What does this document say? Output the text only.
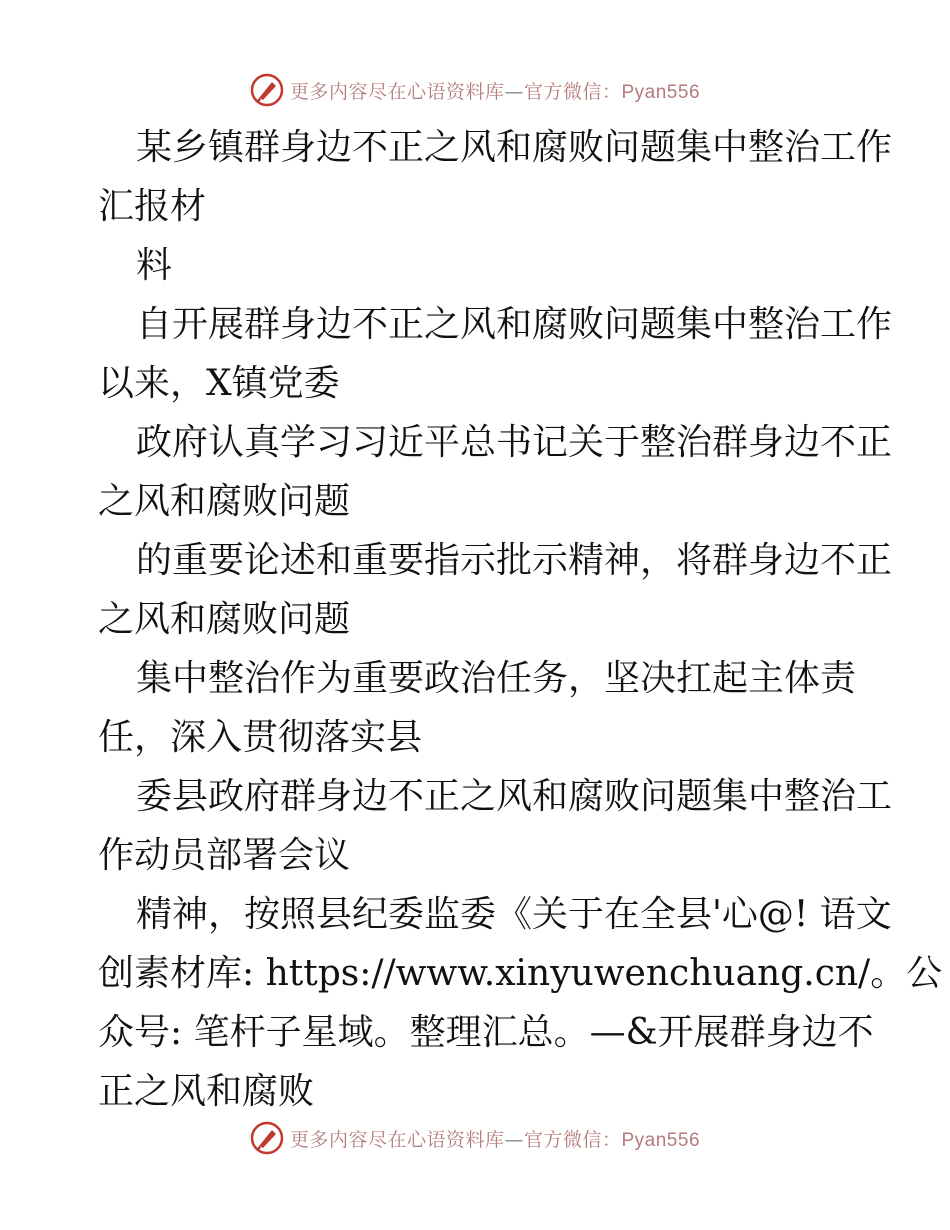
更多内容尽在心语资料库—官方微信：Pyan556
某乡镇群身边不正之风和腐败问题集中整治工作
汇报材
料
自开展群身边不正之风和腐败问题集中整治工作
以来，X镇党委
政府认真学习习近平总书记关于整治群身边不正
之风和腐败问题
的重要论述和重要指示批示精神，将群身边不正
之风和腐败问题
集中整治作为重要政治任务，坚决扛起主体责
任，深入贯彻落实县
委县政府群身边不正之风和腐败问题集中整治工
作动员部署会议
精神，按照县纪委监委《关于在全县'心@! 语文
创素材库: https://www.xinyuwenchuang.cn/。公
众号: 笔杆子星域。整理汇总。—&开展群身边不
正之风和腐败
更多内容尽在心语资料库—官方微信：Pyan556
